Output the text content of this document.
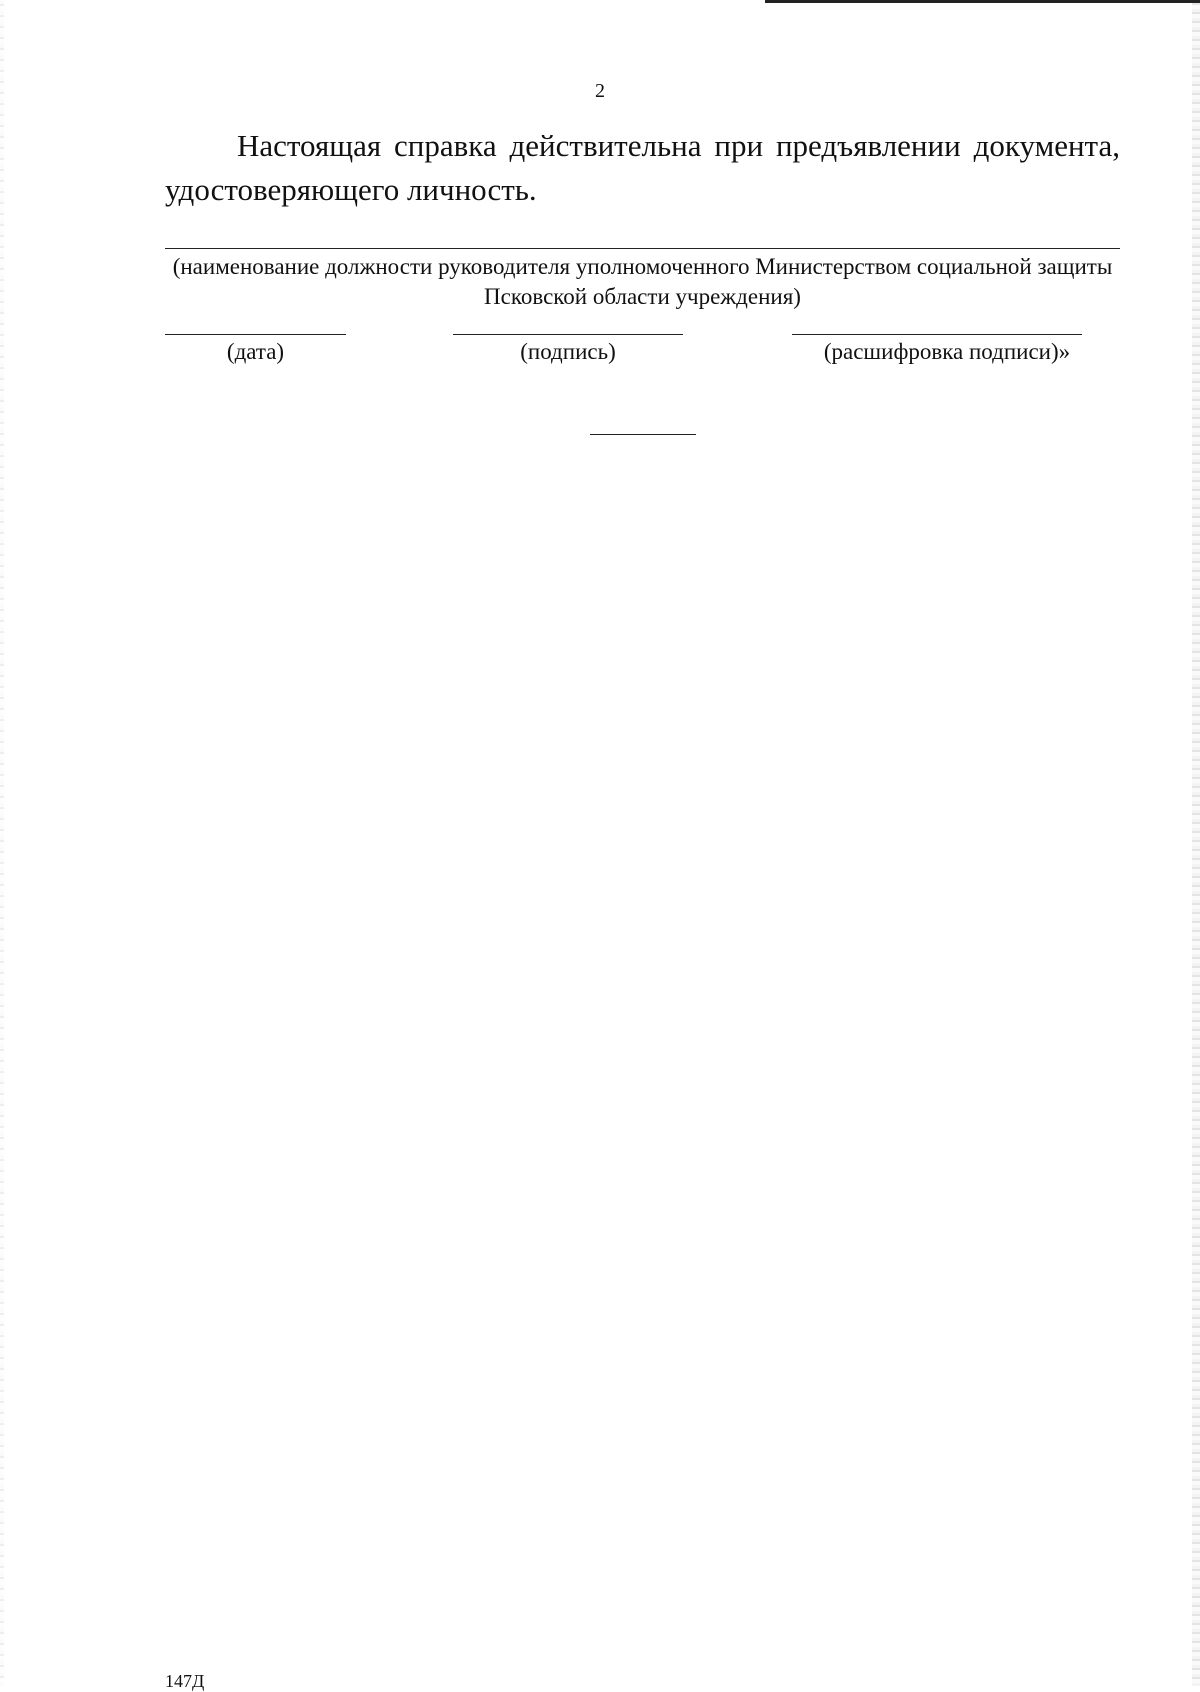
2

Настоящая справка действительна при предъявлении документа, удостоверяющего личность.

(наименование должности руководителя уполномоченного Министерством социальной защиты Псковской области учреждения)
(дата)	(подпись)	(расшифровка подписи)»
147Д
